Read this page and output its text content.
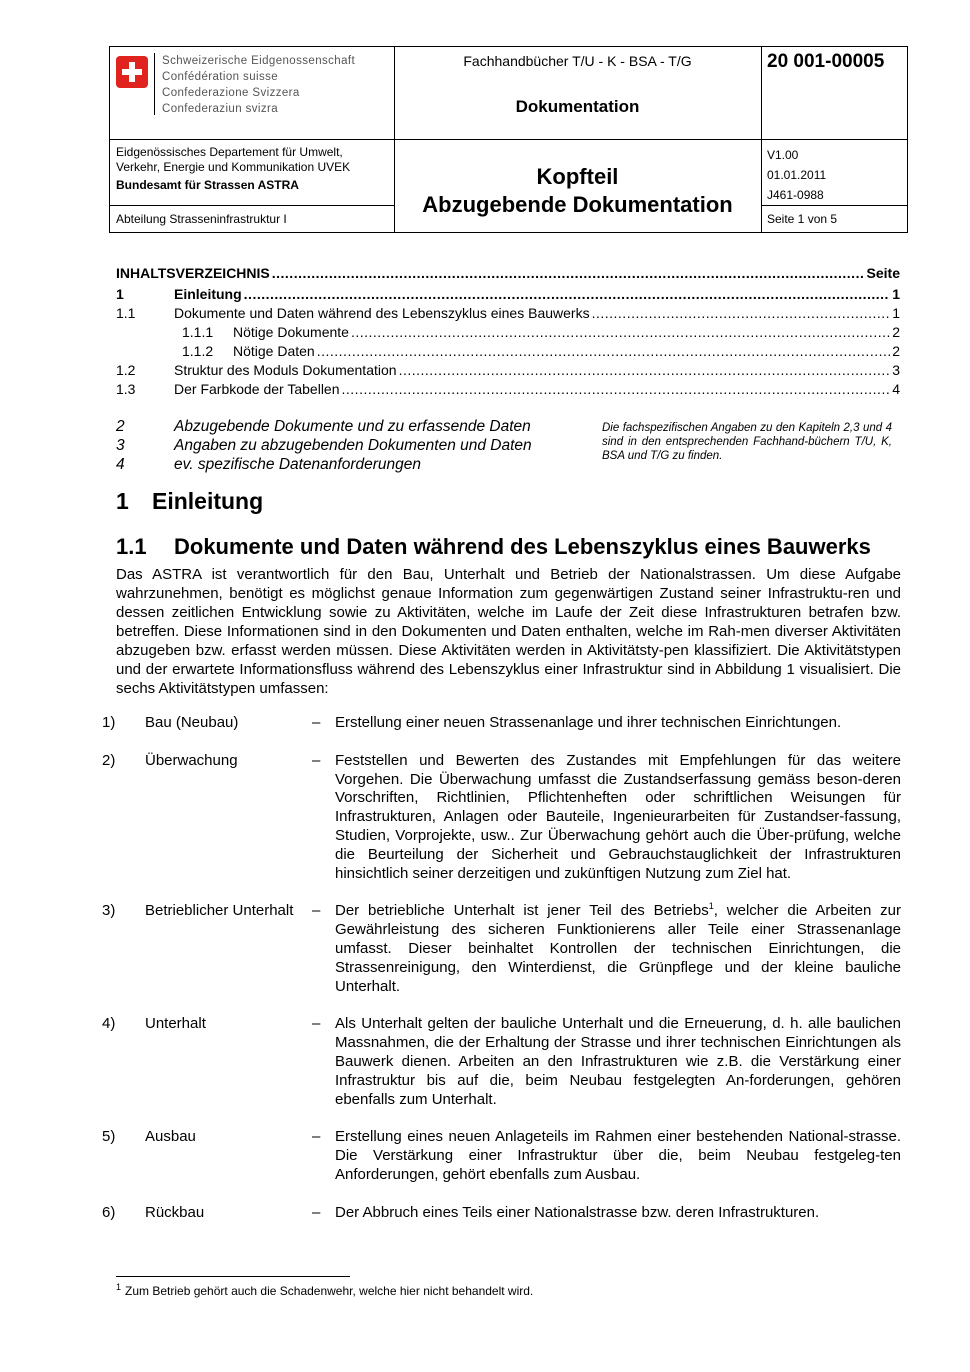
Schweizerische Eidgenossenschaft
Confédération suisse
Confederazione Svizzera
Confederaziun svizra
Fachhandbücher T/U - K - BSA - T/G
Dokumentation
20 001-00005
Eidgenössisches Departement für Umwelt,
Verkehr, Energie und Kommunikation UVEK
Bundesamt für Strassen ASTRA	Kopfteil
Abzugebende Dokumentation
V1.00
01.01.2011
J461-0988
Abteilung Strasseninfrastruktur I	Seite 1 von 5
INHALTSVERZEICHNIS .....	Seite
1	Einleitung .....	1
1.1	Dokumente und Daten während des Lebenszyklus eines Bauwerks .....	1
1.1.1	Nötige Dokumente .....	2
1.1.2	Nötige Daten .....	2
1.2	Struktur des Moduls Dokumentation .....	3
1.3	Der Farbkode der Tabellen .....	4
2	Abzugebende Dokumente und zu erfassende Daten
3	Angaben zu abzugebenden Dokumenten und Daten
4	ev. spezifische Datenanforderungen
Die fachspezifischen Angaben zu den Kapiteln 2,3 und 4 sind in den entsprechenden Fachhand-büchern T/U, K, BSA und T/G zu finden.
1 Einleitung
1.1 Dokumente und Daten während des Lebenszyklus eines Bauwerks
Das ASTRA ist verantwortlich für den Bau, Unterhalt und Betrieb der Nationalstrassen. Um diese Aufgabe wahrzunehmen, benötigt es möglichst genaue Information zum gegenwärtigen Zustand seiner Infrastruktu-ren und dessen zeitlichen Entwicklung sowie zu Aktivitäten, welche im Laufe der Zeit diese Infrastrukturen betrafen bzw. betreffen. Diese Informationen sind in den Dokumenten und Daten enthalten, welche im Rah-men diverser Aktivitäten abzugeben bzw. erfasst werden müssen. Diese Aktivitäten werden in Aktivitätsty-pen klassifiziert. Die Aktivitätstypen und der erwartete Informationsfluss während des Lebenszyklus einer Infrastruktur sind in Abbildung 1 visualisiert. Die sechs Aktivitätstypen umfassen:
1)	Bau (Neubau)	– Erstellung einer neuen Strassenanlage und ihrer technischen Einrichtungen.
2)	Überwachung	– Feststellen und Bewerten des Zustandes mit Empfehlungen für das weitere Vorgehen. Die Überwachung umfasst die Zustandserfassung gemäss beson-deren Vorschriften, Richtlinien, Pflichtenheften oder schriftlichen Weisungen für Infrastrukturen, Anlagen oder Bauteile, Ingenieurarbeiten für Zustandser-fassung, Studien, Vorprojekte, usw.. Zur Überwachung gehört auch die Über-prüfung, welche die Beurteilung der Sicherheit und Gebrauchstauglichkeit der Infrastrukturen hinsichtlich seiner derzeitigen und zukünftigen Nutzung zum Ziel hat.
3)	Betrieblicher Unterhalt	– Der betriebliche Unterhalt ist jener Teil des Betriebs$^1$, welcher die Arbeiten zur Gewährleistung des sicheren Funktionierens aller Teile einer Strassenanlage umfasst. Dieser beinhaltet Kontrollen der technischen Einrichtungen, die Strassenreinigung, den Winterdienst, die Grünpflege und der kleine bauliche Unterhalt.
4)	Unterhalt	– Als Unterhalt gelten der bauliche Unterhalt und die Erneuerung, d. h. alle baulichen Massnahmen, die der Erhaltung der Strasse und ihrer technischen Einrichtungen als Bauwerk dienen. Arbeiten an den Infrastrukturen wie z.B. die Verstärkung einer Infrastruktur bis auf die, beim Neubau festgelegten An-forderungen, gehören ebenfalls zum Unterhalt.
5)	Ausbau	– Erstellung eines neuen Anlageteils im Rahmen einer bestehenden National-strasse. Die Verstärkung einer Infrastruktur über die, beim Neubau festgeleg-ten Anforderungen, gehört ebenfalls zum Ausbau.
6)	Rückbau	– Der Abbruch eines Teils einer Nationalstrasse bzw. deren Infrastrukturen.
$^1$ Zum Betrieb gehört auch die Schadenwehr, welche hier nicht behandelt wird.
